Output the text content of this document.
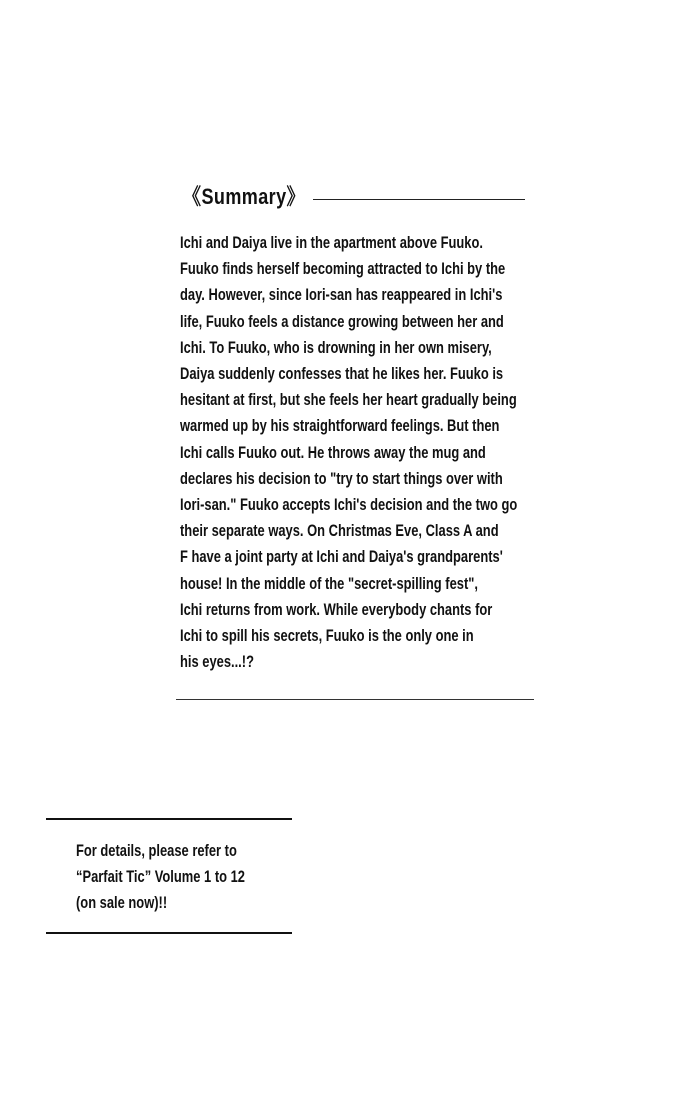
《Summary》
Ichi and Daiya live in the apartment above Fuuko.
Fuuko finds herself becoming attracted to Ichi by the
day. However, since Iori-san has reappeared in Ichi's
life, Fuuko feels a distance growing between her and
Ichi. To Fuuko, who is drowning in her own misery,
Daiya suddenly confesses that he likes her. Fuuko is
hesitant at first, but she feels her heart gradually being
warmed up by his straightforward feelings. But then
Ichi calls Fuuko out. He throws away the mug and
declares his decision to "try to start things over with
Iori-san." Fuuko accepts Ichi's decision and the two go
their separate ways. On Christmas Eve, Class A and
F have a joint party at Ichi and Daiya's grandparents'
house! In the middle of the "secret-spilling fest",
Ichi returns from work. While everybody chants for
Ichi to spill his secrets, Fuuko is the only one in
his eyes...!?
For details, please refer to
“Parfait Tic” Volume 1 to 12
(on sale now)!!
